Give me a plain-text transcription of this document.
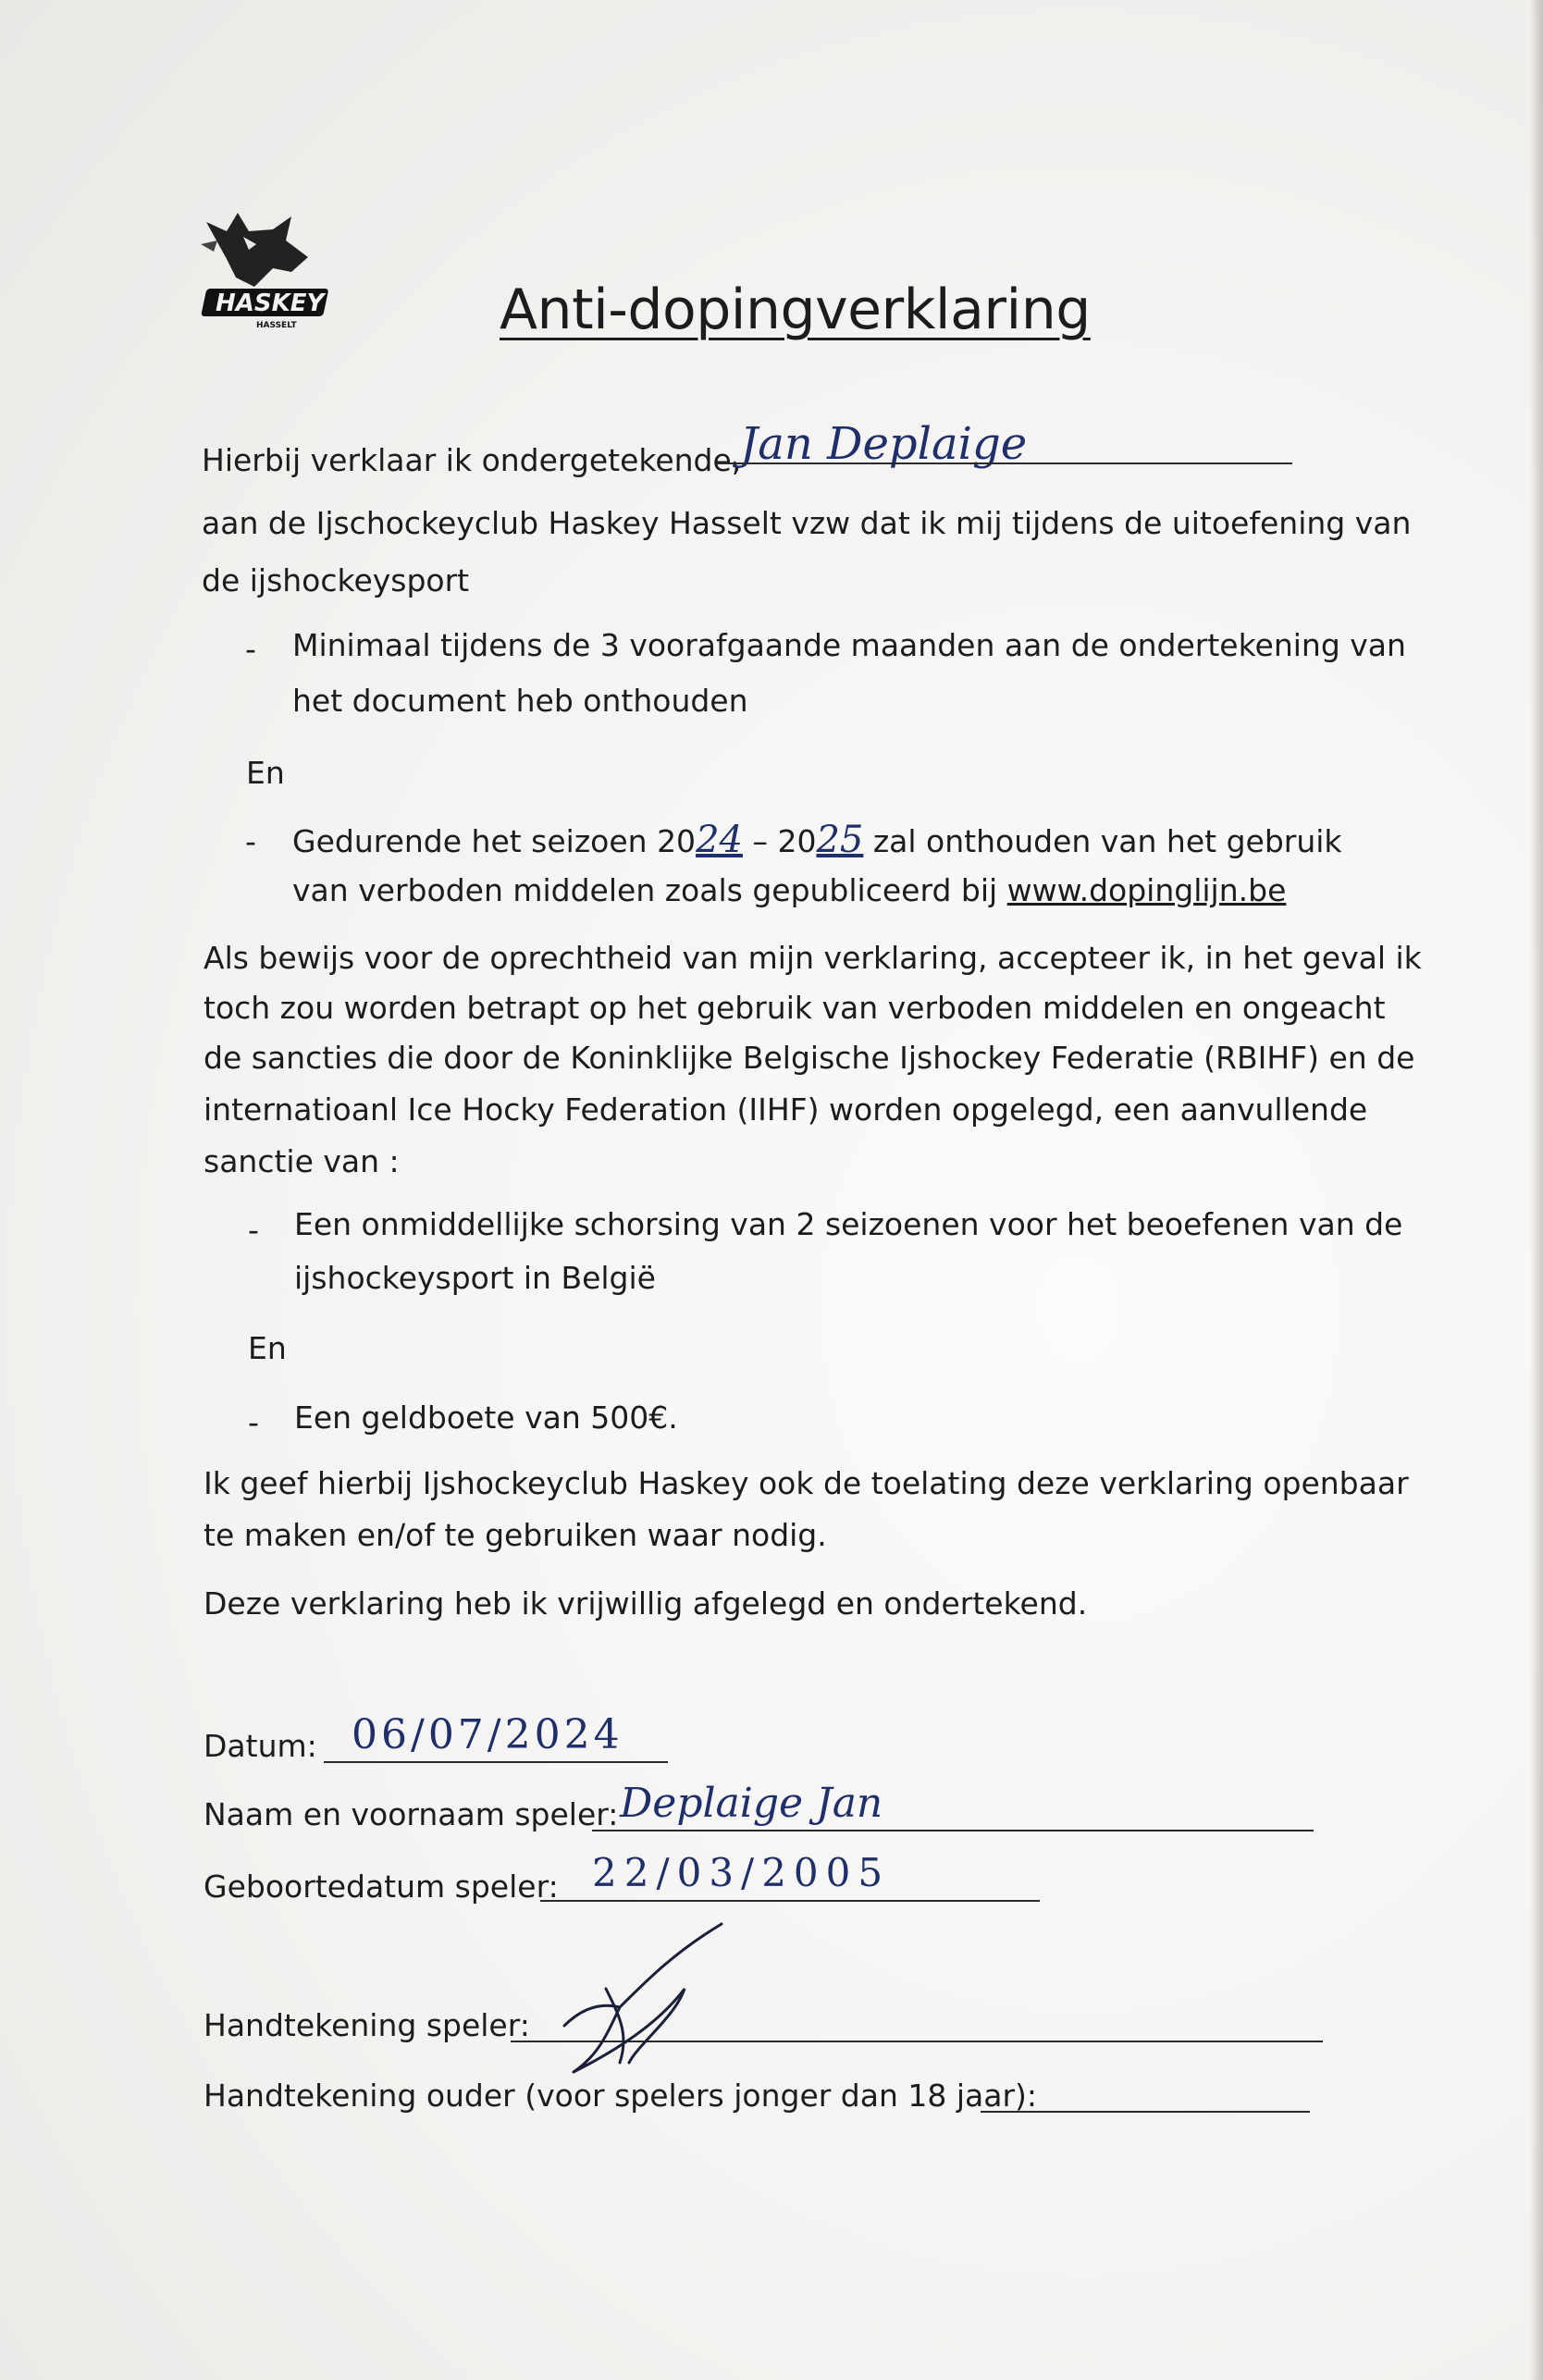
HASKEY
HASSELT	Anti-dopingverklaring
Hierbij verklaar ik ondergetekende,
Jan Deplaige
aan de Ijschockeyclub Haskey Hasselt vzw dat ik mij tijdens de uitoefening van
de ijshockeysport
- Minimaal tijdens de 3 voorafgaande maanden aan de ondertekening van
het document heb onthouden
En
- Gedurende het seizoen 2024 – 2025 zal onthouden van het gebruik
van verboden middelen zoals gepubliceerd bij www.dopinglijn.be
Als bewijs voor de oprechtheid van mijn verklaring, accepteer ik, in het geval ik
toch zou worden betrapt op het gebruik van verboden middelen en ongeacht
de sancties die door de Koninklijke Belgische Ijshockey Federatie (RBIHF) en de
internatioanl Ice Hocky Federation (IIHF) worden opgelegd, een aanvullende
sanctie van :
- Een onmiddellijke schorsing van 2 seizoenen voor het beoefenen van de
ijshockeysport in België
En
- Een geldboete van 500€.
Ik geef hierbij Ijshockeyclub Haskey ook de toelating deze verklaring openbaar
te maken en/of te gebruiken waar nodig.
Deze verklaring heb ik vrijwillig afgelegd en ondertekend.
Datum: 06/07/2024
Naam en voornaam speler: Deplaige Jan
Geboortedatum speler: 22/03/2005
Handtekening speler:
Handtekening ouder (voor spelers jonger dan 18 jaar):
